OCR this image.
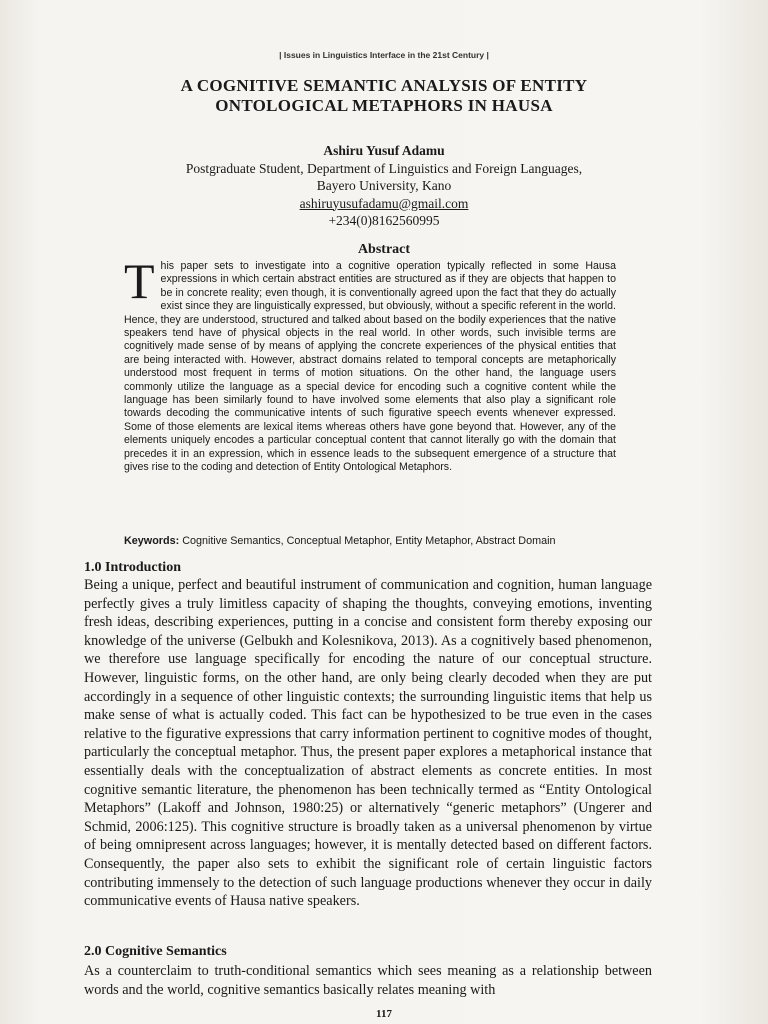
| Issues in Linguistics Interface in the 21st Century |
A COGNITIVE SEMANTIC ANALYSIS OF ENTITY
ONTOLOGICAL METAPHORS IN HAUSA
Ashiru Yusuf Adamu
Postgraduate Student, Department of Linguistics and Foreign Languages,
Bayero University, Kano
ashiruyusufadamu@gmail.com
+234(0)8162560995
Abstract
This paper sets to investigate into a cognitive operation typically reflected in some Hausa expressions in which certain abstract entities are structured as if they are objects that happen to be in concrete reality; even though, it is conventionally agreed upon the fact that they do actually exist since they are linguistically expressed, but obviously, without a specific referent in the world. Hence, they are understood, structured and talked about based on the bodily experiences that the native speakers tend have of physical objects in the real world. In other words, such invisible terms are cognitively made sense of by means of applying the concrete experiences of the physical entities that are being interacted with. However, abstract domains related to temporal concepts are metaphorically understood most frequent in terms of motion situations. On the other hand, the language users commonly utilize the language as a special device for encoding such a cognitive content while the language has been similarly found to have involved some elements that also play a significant role towards decoding the communicative intents of such figurative speech events whenever expressed. Some of those elements are lexical items whereas others have gone beyond that. However, any of the elements uniquely encodes a particular conceptual content that cannot literally go with the domain that precedes it in an expression, which in essence leads to the subsequent emergence of a structure that gives rise to the coding and detection of Entity Ontological Metaphors.
Keywords: Cognitive Semantics, Conceptual Metaphor, Entity Metaphor, Abstract Domain
1.0 Introduction
Being a unique, perfect and beautiful instrument of communication and cognition, human language perfectly gives a truly limitless capacity of shaping the thoughts, conveying emotions, inventing fresh ideas, describing experiences, putting in a concise and consistent form thereby exposing our knowledge of the universe (Gelbukh and Kolesnikova, 2013). As a cognitively based phenomenon, we therefore use language specifically for encoding the nature of our conceptual structure. However, linguistic forms, on the other hand, are only being clearly decoded when they are put accordingly in a sequence of other linguistic contexts; the surrounding linguistic items that help us make sense of what is actually coded. This fact can be hypothesized to be true even in the cases relative to the figurative expressions that carry information pertinent to cognitive modes of thought, particularly the conceptual metaphor. Thus, the present paper explores a metaphorical instance that essentially deals with the conceptualization of abstract elements as concrete entities. In most cognitive semantic literature, the phenomenon has been technically termed as “Entity Ontological Metaphors” (Lakoff and Johnson, 1980:25) or alternatively “generic metaphors” (Ungerer and Schmid, 2006:125). This cognitive structure is broadly taken as a universal phenomenon by virtue of being omnipresent across languages; however, it is mentally detected based on different factors. Consequently, the paper also sets to exhibit the significant role of certain linguistic factors contributing immensely to the detection of such language productions whenever they occur in daily communicative events of Hausa native speakers.
2.0 Cognitive Semantics
As a counterclaim to truth-conditional semantics which sees meaning as a relationship between words and the world, cognitive semantics basically relates meaning with
117
